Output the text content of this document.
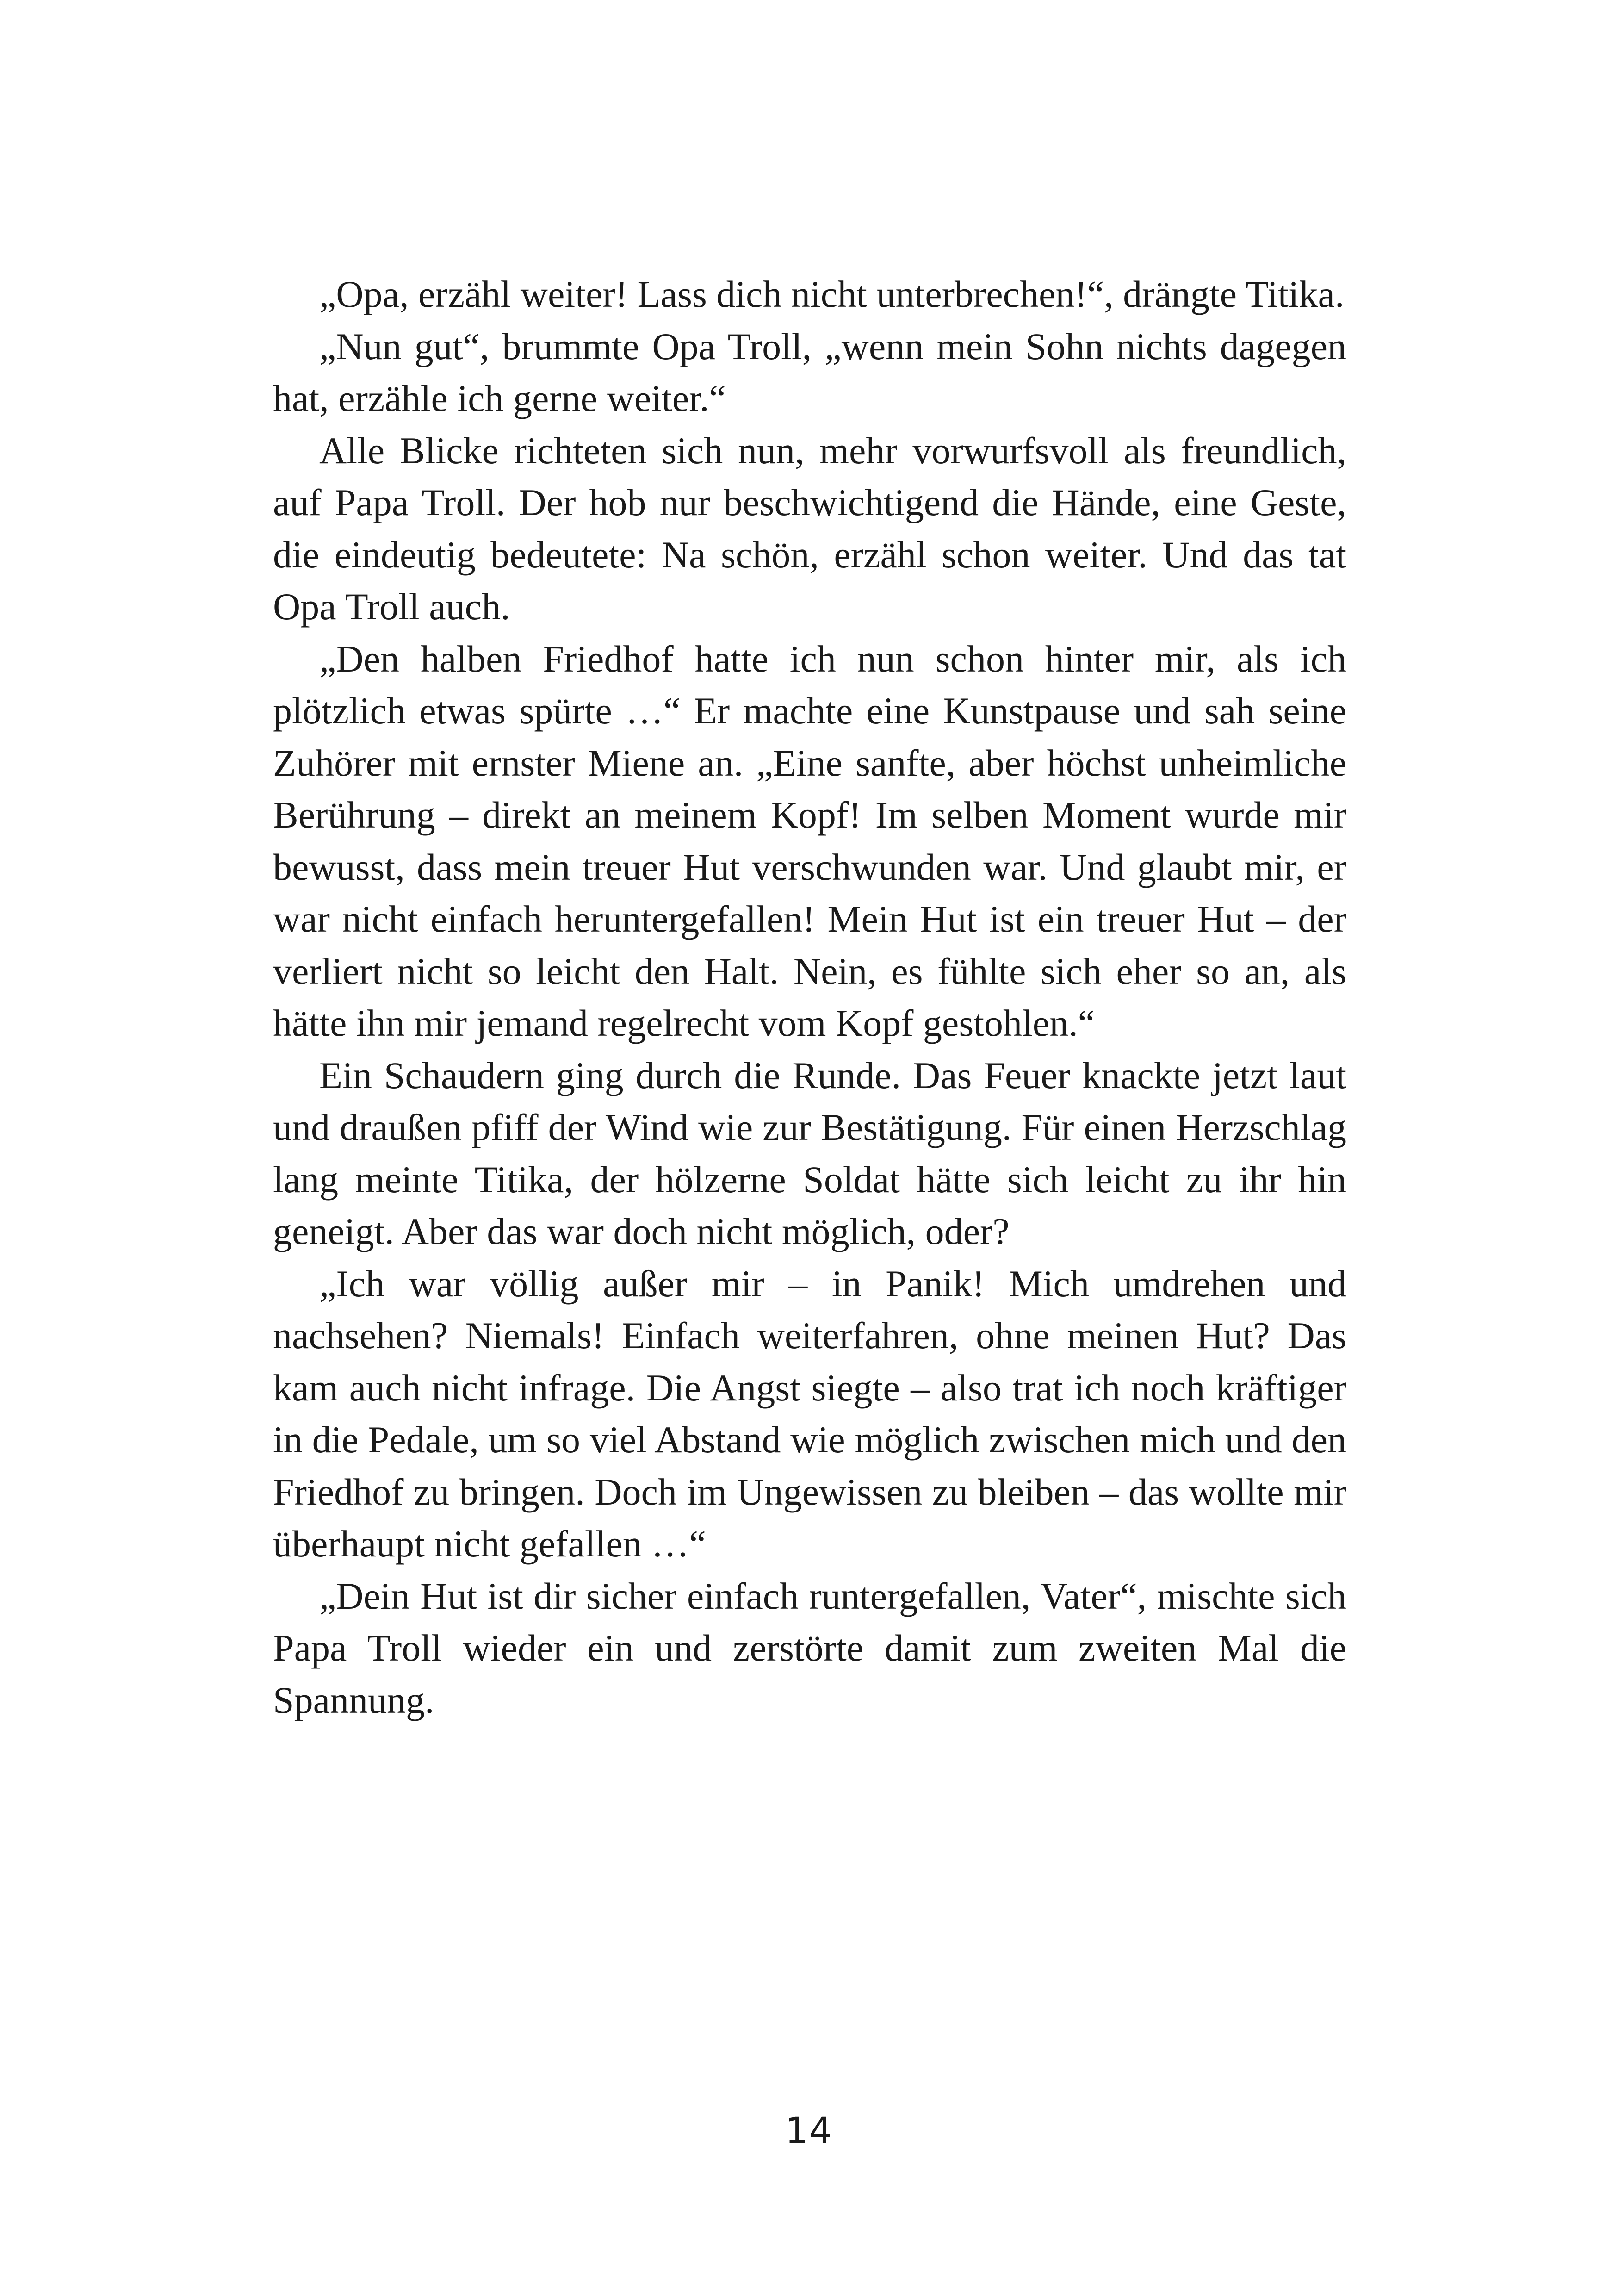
„Opa, erzähl weiter! Lass dich nicht unterbrechen!“, drängte Titika.

„Nun gut“, brummte Opa Troll, „wenn mein Sohn nichts dagegen hat, erzähle ich gerne weiter.“

Alle Blicke richteten sich nun, mehr vorwurfsvoll als freundlich, auf Papa Troll. Der hob nur beschwichtigend die Hände, eine Geste, die eindeutig bedeutete: Na schön, erzähl schon weiter. Und das tat Opa Troll auch.

„Den halben Friedhof hatte ich nun schon hinter mir, als ich plötzlich etwas spürte …“ Er machte eine Kunstpause und sah seine Zuhörer mit ernster Miene an. „Eine sanfte, aber höchst unheimliche Berührung – direkt an meinem Kopf! Im selben Moment wurde mir bewusst, dass mein treuer Hut verschwunden war. Und glaubt mir, er war nicht einfach heruntergefallen! Mein Hut ist ein treuer Hut – der verliert nicht so leicht den Halt. Nein, es fühlte sich eher so an, als hätte ihn mir jemand regelrecht vom Kopf gestohlen.“

Ein Schaudern ging durch die Runde. Das Feuer knackte jetzt laut und draußen pfiff der Wind wie zur Bestätigung. Für einen Herzschlag lang meinte Titika, der hölzerne Soldat hätte sich leicht zu ihr hin geneigt. Aber das war doch nicht möglich, oder?

„Ich war völlig außer mir – in Panik! Mich umdrehen und nachsehen? Niemals! Einfach weiterfahren, ohne meinen Hut? Das kam auch nicht infrage. Die Angst siegte – also trat ich noch kräftiger in die Pedale, um so viel Abstand wie möglich zwischen mich und den Friedhof zu bringen. Doch im Ungewissen zu bleiben – das wollte mir überhaupt nicht gefallen …“

„Dein Hut ist dir sicher einfach runtergefallen, Vater“, mischte sich Papa Troll wieder ein und zerstörte damit zum zweiten Mal die Spannung.

14
